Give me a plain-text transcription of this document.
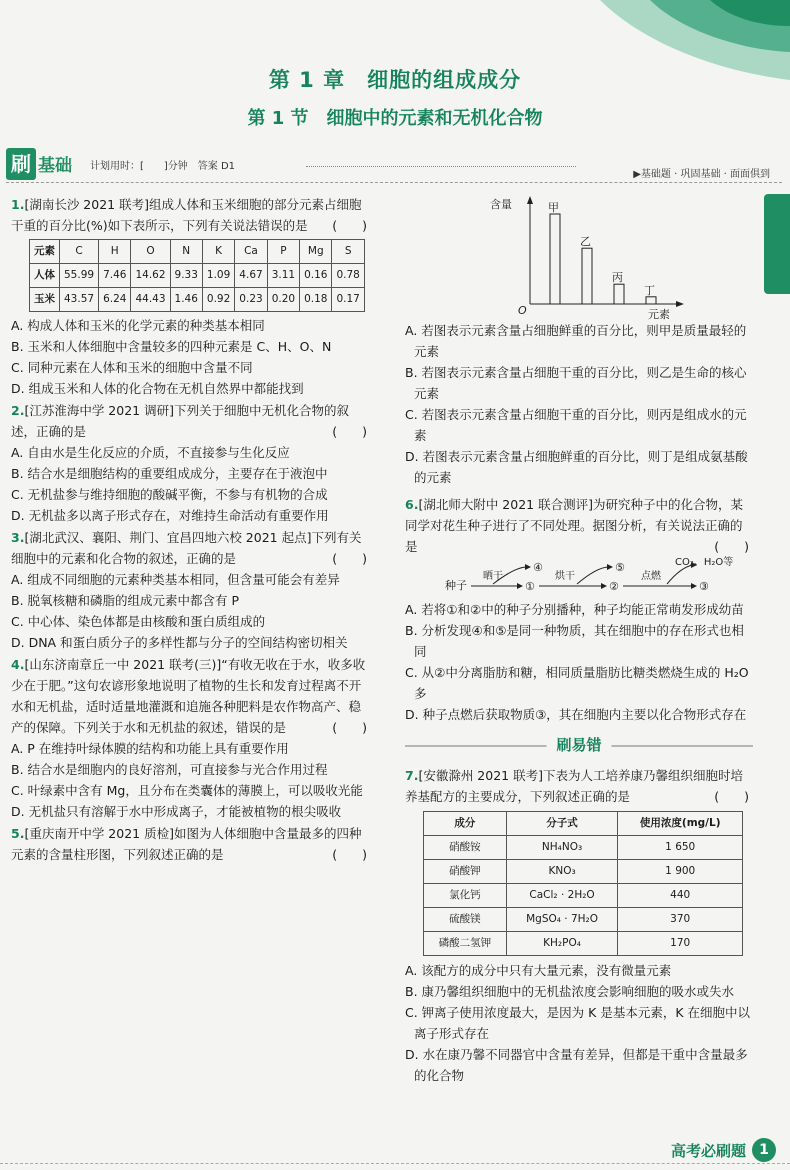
第 1 章　细胞的组成成分
第 1 节　细胞中的元素和无机化合物
刷 基础 计划用时：[　　]分钟　答案 D1
▶基础题 · 巩固基础 · 面面俱到
1.[湖南长沙 2021 联考]组成人体和玉米细胞的部分元素占细胞干重的百分比(%)如下表所示，下列有关说法错误的是 (　　)
元素	C	H	O	N	K	Ca	P	Mg	S
人体	55.99	7.46	14.62	9.33	1.09	4.67	3.11	0.16	0.78
玉米	43.57	6.24	44.43	1.46	0.92	0.23	0.20	0.18	0.17

A. 构成人体和玉米的化学元素的种类基本相同

B. 玉米和人体细胞中含量较多的四种元素是 C、H、O、N

C. 同种元素在人体和玉米的细胞中含量不同

D. 组成玉米和人体的化合物在无机自然界中都能找到

2.[江苏淮海中学 2021 调研]下列关于细胞中无机化合物的叙述，正确的是	(　　)

A. 自由水是生化反应的介质，不直接参与生化反应

B. 结合水是细胞结构的重要组成成分，主要存在于液泡中

C. 无机盐参与维持细胞的酸碱平衡，不参与有机物的合成

D. 无机盐多以离子形式存在，对维持生命活动有重要作用

3.[湖北武汉、襄阳、荆门、宜昌四地六校 2021 起点]下列有关细胞中的元素和化合物的叙述，正确的是	(　　)

A. 组成不同细胞的元素种类基本相同，但含量可能会有差异

B. 脱氧核糖和磷脂的组成元素中都含有 P

C. 中心体、染色体都是由核酸和蛋白质组成的

D. DNA 和蛋白质分子的多样性都与分子的空间结构密切相关

4.[山东济南章丘一中 2021 联考(三)]“有收无收在于水，收多收少在于肥。”这句农谚形象地说明了植物的生长和发育过程离不开水和无机盐，适时适量地灌溉和追施各种肥料是农作物高产、稳产的保障。下列关于水和无机盐的叙述，错误的是	(　　)

A. P 在维持叶绿体膜的结构和功能上具有重要作用

B. 结合水是细胞内的良好溶剂，可直接参与光合作用过程

C. 叶绿素中含有 Mg，且分布在类囊体的薄膜上，可以吸收光能

D. 无机盐只有溶解于水中形成离子，才能被植物的根尖吸收

5.[重庆南开中学 2021 质检]如图为人体细胞中含量最多的四种元素的含量柱形图，下列叙述正确的是	(　　)
含量
元素
O
甲
乙
丙
丁

A. 若图表示元素含量占细胞鲜重的百分比，则甲是质量最轻的元素

B. 若图表示元素含量占细胞干重的百分比，则乙是生命的核心元素

C. 若图表示元素含量占细胞干重的百分比，则丙是组成水的元素

D. 若图表示元素含量占细胞鲜重的百分比，则丁是组成氨基酸的元素

6.[湖北师大附中 2021 联合测评]为研究种子中的化合物，某同学对花生种子进行了不同处理。据图分析，有关说法正确的是	(　　)
种子
晒干
④
①
烘干
⑤
②
点燃
CO₂、H₂O等
③

A. 若将①和②中的种子分别播种，种子均能正常萌发形成幼苗

B. 分析发现④和⑤是同一种物质，其在细胞中的存在形式也相同

C. 从②中分离脂肪和糖，相同质量脂肪比糖类燃烧生成的 H₂O 多

D. 种子点燃后获取物质③，其在细胞内主要以化合物形式存在

刷易错
7.[安徽滁州 2021 联考]下表为人工培养康乃馨组织细胞时培养基配方的主要成分，下列叙述正确的是	(　　)
成分	分子式	使用浓度(mg/L)
硝酸铵	NH₄NO₃	1 650
硝酸钾	KNO₃	1 900
氯化钙	CaCl₂ · 2H₂O	440
硫酸镁	MgSO₄ · 7H₂O	370
磷酸二氢钾	KH₂PO₄	170

A. 该配方的成分中只有大量元素，没有微量元素

B. 康乃馨组织细胞中的无机盐浓度会影响细胞的吸水或失水

C. 钾离子使用浓度最大，是因为 K 是基本元素，K 在细胞中以离子形式存在

D. 水在康乃馨不同器官中含量有差异，但都是干重中含量最多的化合物

高考必刷题 1
